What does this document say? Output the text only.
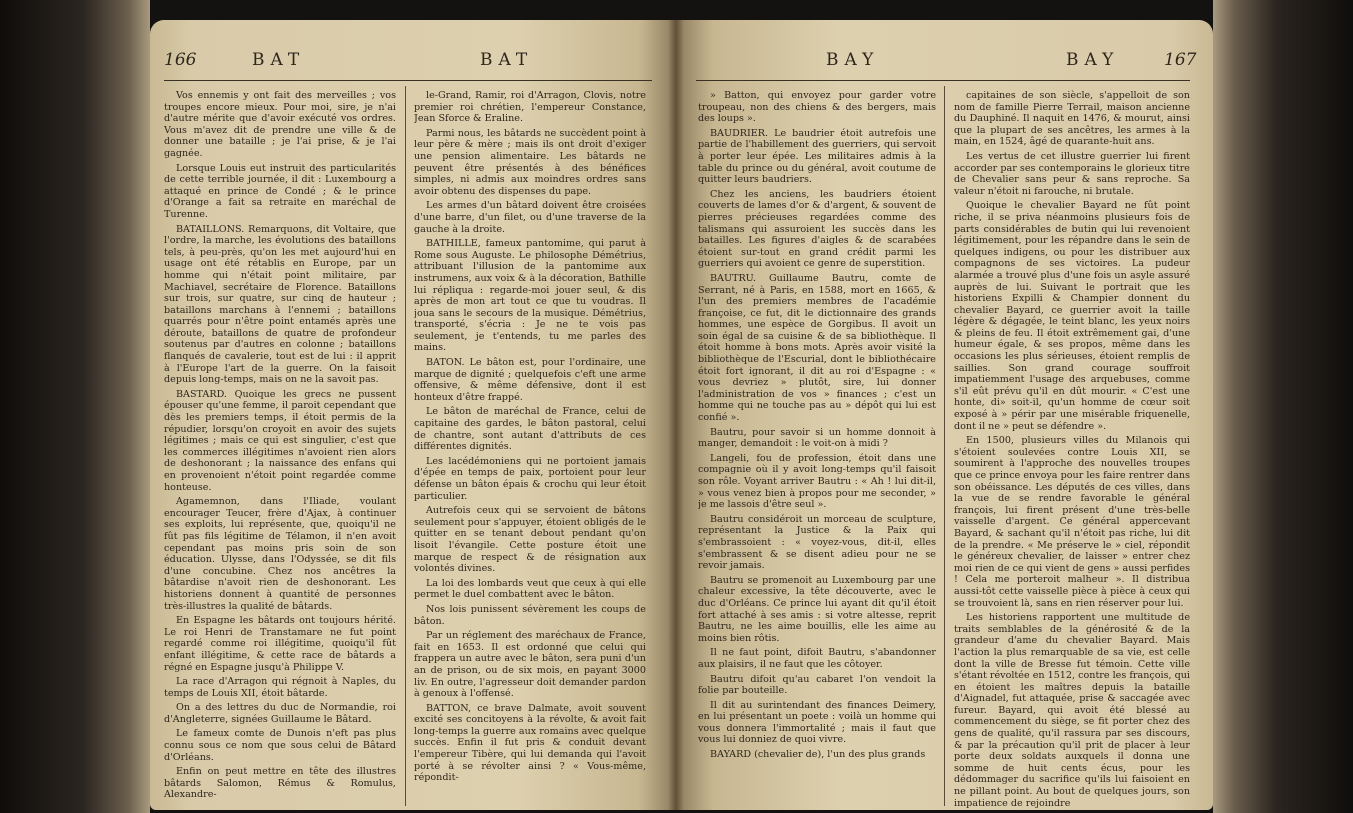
166	BAT	BAT

Vos ennemis y ont fait des merveilles ; vos troupes encore mieux. Pour moi, sire, je n'ai d'autre mérite que d'avoir exécuté vos ordres. Vous m'avez dit de prendre une ville & de donner une bataille ; je l'ai prise, & je l'ai gagnée.

Lorsque Louis eut instruit des particularités de cette terrible journée, il dit : Luxembourg a attaqué en prince de Condé ; & le prince d'Orange a fait sa retraite en maréchal de Turenne.

BATAILLONS. Remarquons, dit Voltaire, que l'ordre, la marche, les évolutions des bataillons tels, à peu-près, qu'on les met aujourd'hui en usage ont été rétablis en Europe, par un homme qui n'était point militaire, par Machiavel, secrétaire de Florence. Bataillons sur trois, sur quatre, sur cinq de hauteur ; bataillons marchans à l'ennemi ; bataillons quarrés pour n'être point entamés après une déroute, bataillons de quatre de profondeur soutenus par d'autres en colonne ; bataillons flanqués de cavalerie, tout est de lui : il apprit à l'Europe l'art de la guerre. On la faisoit depuis long-temps, mais on ne la savoit pas.

BASTARD. Quoique les grecs ne pussent épouser qu'une femme, il paroit cependant que dès les premiers temps, il étoit permis de la répudier, lorsqu'on croyoit en avoir des sujets légitimes ; mais ce qui est singulier, c'est que les commerces illégitimes n'avoient rien alors de deshonorant ; la naissance des enfans qui en provenoient n'étoit point regardée comme honteuse.

Agamemnon, dans l'Iliade, voulant encourager Teucer, frère d'Ajax, à continuer ses exploits, lui représente, que, quoiqu'il ne fût pas fils légitime de Télamon, il n'en avoit cependant pas moins pris soin de son éducation. Ulysse, dans l'Odyssée, se dit fils d'une concubine. Chez nos ancêtres la bâtardise n'avoit rien de deshonorant. Les historiens donnent à quantité de personnes très-illustres la qualité de bâtards.

En Espagne les bâtards ont toujours hérité. Le roi Henri de Transtamare ne fut point regardé comme roi illégitime, quoiqu'il fût enfant illégitime, & cette race de bâtards a régné en Espagne jusqu'à Philippe V.

La race d'Arragon qui régnoit à Naples, du temps de Louis XII, étoit bâtarde.

On a des lettres du duc de Normandie, roi d'Angleterre, signées Guillaume le Bâtard.

Le fameux comte de Dunois n'eft pas plus connu sous ce nom que sous celui de Bâtard d'Orléans.

Enfin on peut mettre en tête des illustres bâtards Salomon, Rémus & Romulus, Alexandre-

le-Grand, Ramir, roi d'Arragon, Clovis, notre premier roi chrétien, l'empereur Constance, Jean Sforce & Eraline.

Parmi nous, les bâtards ne succèdent point à leur père & mère ; mais ils ont droit d'exiger une pension alimentaire. Les bâtards ne peuvent être présentés à des bénéfices simples, ni admis aux moindres ordres sans avoir obtenu des dispenses du pape.

Les armes d'un bâtard doivent être croisées d'une barre, d'un filet, ou d'une traverse de la gauche à la droite.

BATHILLE, fameux pantomime, qui parut à Rome sous Auguste. Le philosophe Démétrius, attribuant l'illusion de la pantomime aux instrumens, aux voix & à la décoration, Bathille lui répliqua : regarde-moi jouer seul, & dis après de mon art tout ce que tu voudras. Il joua sans le secours de la musique. Démétrius, transporté, s'écria : Je ne te vois pas seulement, je t'entends, tu me parles des mains.

BATON. Le bâton est, pour l'ordinaire, une marque de dignité ; quelquefois c'eft une arme offensive, & même défensive, dont il est honteux d'être frappé.

Le bâton de maréchal de France, celui de capitaine des gardes, le bâton pastoral, celui de chantre, sont autant d'attributs de ces différentes dignités.

Les lacédémoniens qui ne portoient jamais d'épée en temps de paix, portoient pour leur défense un bâton épais & crochu qui leur étoit particulier.

Autrefois ceux qui se servoient de bâtons seulement pour s'appuyer, étoient obligés de le quitter en se tenant debout pendant qu'on lisoit l'évangile. Cette posture étoit une marque de respect & de résignation aux volontés divines.

La loi des lombards veut que ceux à qui elle permet le duel combattent avec le bâton.

Nos lois punissent sévèrement les coups de bâton.

Par un réglement des maréchaux de France, fait en 1653. Il est ordonné que celui qui frappera un autre avec le bâton, sera puni d'un an de prison, ou de six mois, en payant 3000 liv. En outre, l'agresseur doit demander pardon à genoux à l'offensé.

BATTON, ce brave Dalmate, avoit souvent excité ses concitoyens à la révolte, & avoit fait long-temps la guerre aux romains avec quelque succès. Enfin il fut pris & conduit devant l'empereur Tibère, qui lui demanda qui l'avoit porté à se révolter ainsi ? « Vous-même, répondit-

BAY	BAY	167

» Batton, qui envoyez pour garder votre troupeau, non des chiens & des bergers, mais des loups ».

BAUDRIER. Le baudrier étoit autrefois une partie de l'habillement des guerriers, qui servoit à porter leur épée. Les militaires admis à la table du prince ou du général, avoit coutume de quitter leurs baudriers.

Chez les anciens, les baudriers étoient couverts de lames d'or & d'argent, & souvent de pierres précieuses regardées comme des talismans qui assuroient les succès dans les batailles. Les figures d'aigles & de scarabées étoient sur-tout en grand crédit parmi les guerriers qui avoient ce genre de superstition.

BAUTRU. Guillaume Bautru, comte de Serrant, né à Paris, en 1588, mort en 1665, & l'un des premiers membres de l'académie françoise, ce fut, dit le dictionnaire des grands hommes, une espèce de Gorgibus. Il avoit un soin égal de sa cuisine & de sa bibliothèque. Il étoit homme à bons mots. Après avoir visité la bibliothèque de l'Escurial, dont le bibliothécaire étoit fort ignorant, il dit au roi d'Espagne : « vous devriez » plutôt, sire, lui donner l'administration de vos » finances ; c'est un homme qui ne touche pas au » dépôt qui lui est confié ».

Bautru, pour savoir si un homme donnoit à manger, demandoit : le voit-on à midi ?

Langeli, fou de profession, étoit dans une compagnie où il y avoit long-temps qu'il faisoit son rôle. Voyant arriver Bautru : « Ah ! lui dit-il, » vous venez bien à propos pour me seconder, » je me lassois d'être seul ».

Bautru considéroit un morceau de sculpture, représentant la Justice & la Paix qui s'embrassoient : « voyez-vous, dit-il, elles s'embrassent & se disent adieu pour ne se revoir jamais.

Bautru se promenoit au Luxembourg par une chaleur excessive, la tête découverte, avec le duc d'Orléans. Ce prince lui ayant dit qu'il étoit fort attaché à ses amis : si votre altesse, reprit Bautru, ne les aime bouillis, elle les aime au moins bien rôtis.

Il ne faut point, difoit Bautru, s'abandonner aux plaisirs, il ne faut que les côtoyer.

Bautru difoit qu'au cabaret l'on vendoit la folie par bouteille.

Il dit au surintendant des finances Deimery, en lui présentant un poete : voilà un homme qui vous donnera l'immortalité ; mais il faut que vous lui donniez de quoi vivre.

BAYARD (chevalier de), l'un des plus grands

capitaines de son siècle, s'appelloit de son nom de famille Pierre Terrail, maison ancienne du Dauphiné. Il naquit en 1476, & mourut, ainsi que la plupart de ses ancêtres, les armes à la main, en 1524, âgé de quarante-huit ans.

Les vertus de cet illustre guerrier lui firent accorder par ses contemporains le glorieux titre de Chevalier sans peur & sans reproche. Sa valeur n'étoit ni farouche, ni brutale.

Quoique le chevalier Bayard ne fût point riche, il se priva néanmoins plusieurs fois de parts considérables de butin qui lui revenoient légitimement, pour les répandre dans le sein de quelques indigens, ou pour les distribuer aux compagnons de ses victoires. La pudeur alarmée a trouvé plus d'une fois un asyle assuré auprès de lui. Suivant le portrait que les historiens Expilli & Champier donnent du chevalier Bayard, ce guerrier avoit la taille légère & dégagée, le teint blanc, les yeux noirs & pleins de feu. Il étoit extrêmement gai, d'une humeur égale, & ses propos, même dans les occasions les plus sérieuses, étoient remplis de saillies. Son grand courage souffroit impatiemment l'usage des arquebuses, comme s'il eût prévu qu'il en dût mourir. « C'est une honte, di» soit-il, qu'un homme de cœur soit exposé à » périr par une misérable friquenelle, dont il ne » peut se défendre ».

En 1500, plusieurs villes du Milanois qui s'étoient soulevées contre Louis XII, se soumirent à l'approche des nouvelles troupes que ce prince envoya pour les faire rentrer dans son obéissance. Les députés de ces villes, dans la vue de se rendre favorable le général françois, lui firent présent d'une très-belle vaisselle d'argent. Ce général appercevant Bayard, & sachant qu'il n'étoit pas riche, lui dit de la prendre. « Me préserve le » ciel, répondit le généreux chevalier, de laisser » entrer chez moi rien de ce qui vient de gens » aussi perfides ! Cela me porteroit malheur ». Il distribua aussi-tôt cette vaisselle pièce à pièce à ceux qui se trouvoient là, sans en rien réserver pour lui.

Les historiens rapportent une multitude de traits semblables de la générosité & de la grandeur d'ame du chevalier Bayard. Mais l'action la plus remarquable de sa vie, est celle dont la ville de Bresse fut témoin. Cette ville s'étant révoltée en 1512, contre les françois, qui en étoient les maîtres depuis la bataille d'Aignadel, fut attaquée, prise & saccagée avec fureur. Bayard, qui avoit été blessé au commencement du siège, se fit porter chez des gens de qualité, qu'il rassura par ses discours, & par la précaution qu'il prit de placer à leur porte deux soldats auxquels il donna une somme de huit cents écus, pour les dédommager du sacrifice qu'ils lui faisoient en ne pillant point. Au bout de quelques jours, son impatience de rejoindre
